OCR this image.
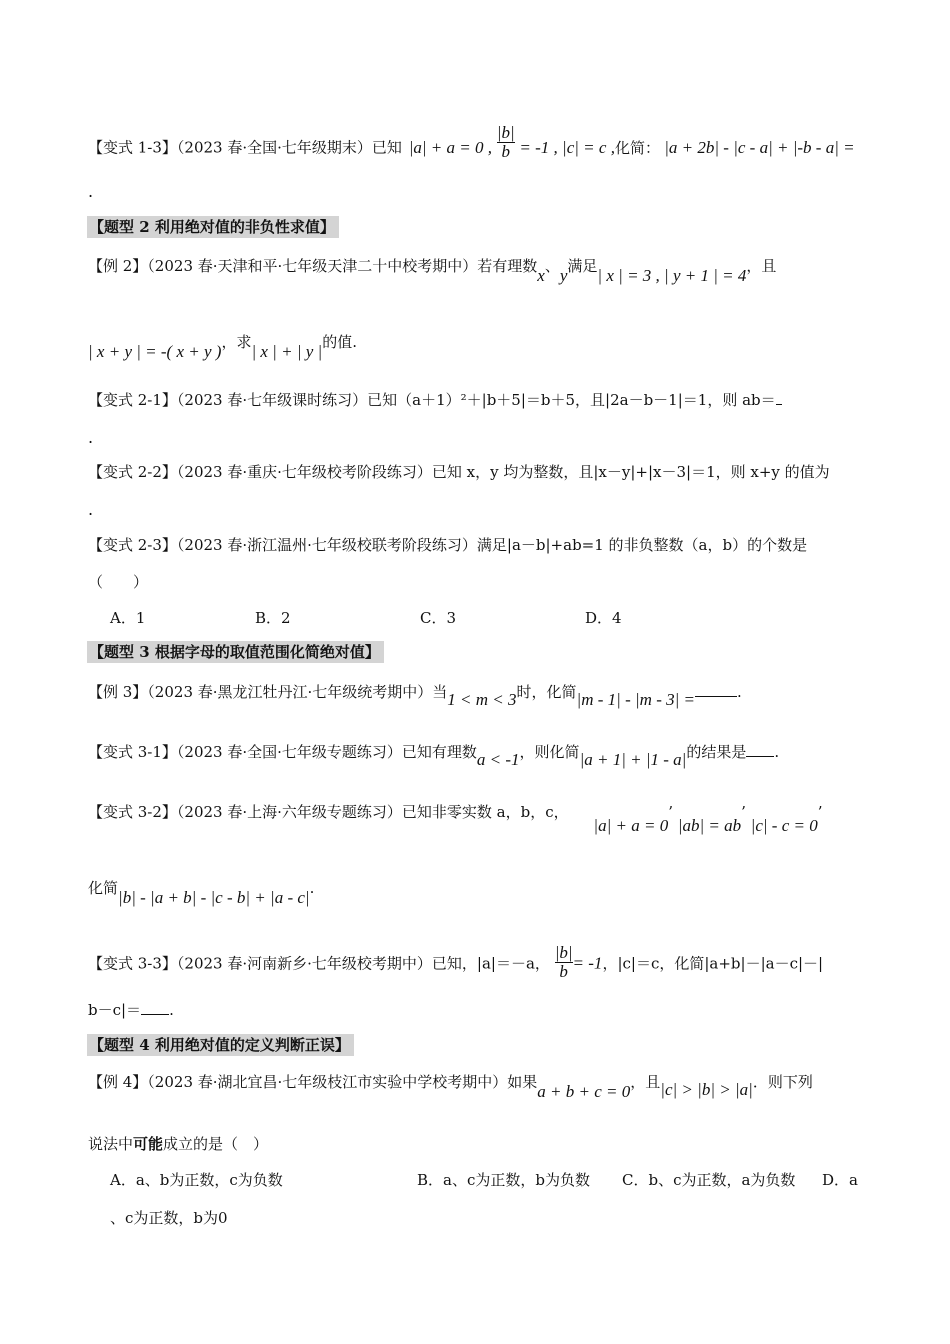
【变式 1-3】（2023 春·全国·七年级期末）已知 |a| + a = 0 , $\frac{|b|}{b} = -1$ , |c| = c ,化简： |a + 2b| - |c - a| + |-b - a| =
.
【题型 2 利用绝对值的非负性求值】
【例 2】（2023 春·天津和平·七年级天津二十中校考期中）若有理数x、y满足| x | = 3 , | y + 1 | = 4，且
| x + y | = -( x + y )，求| x | + | y |的值.
【变式 2-1】（2023 春·七年级课时练习）已知（a＋1）²＋|b＋5|＝b＋5，且|2a－b－1|＝1，则 ab＝
.
【变式 2-2】（2023 春·重庆·七年级校考阶段练习）已知 x，y 均为整数，且|x－y|+|x－3|＝1，则 x+y 的值为
.
【变式 2-3】（2023 春·浙江温州·七年级校联考阶段练习）满足|a－b|+ab=1 的非负整数（a，b）的个数是
（　　）
A．1	B．2	C．3	D．4
【题型 3 根据字母的取值范围化简绝对值】
【例 3】（2023 春·黑龙江牡丹江·七年级统考期中）当1 < m < 3时，化简|m - 1| - |m - 3| =	.
【变式 3-1】（2023 春·全国·七年级专题练习）已知有理数a < -1，则化简|a + 1| + |1 - a|的结果是 .
【变式 3-2】（2023 春·上海·六年级专题练习）已知非零实数 a，b，c， |a| + a = 0’ |ab| = ab’ |c| - c = 0’
化简|b| - |a + b| - |c - b| + |a - c|.
【变式 3-3】（2023 春·河南新乡·七年级校考期中）已知，|a|＝－a， $\frac{|b|}{b} = -1$，|c|＝c，化简|a+b|－|a－c|－|
b－c|＝ .
【题型 4 利用绝对值的定义判断正误】
【例 4】（2023 春·湖北宜昌·七年级枝江市实验中学校考期中）如果a + b + c = 0，且|c| > |b| > |a|．则下列
说法中可能成立的是（　）
A．a、b为正数，c为负数	B．a、c为正数，b为负数 C．b、c为正数，a为负数 D．a
、c为正数，b为0
